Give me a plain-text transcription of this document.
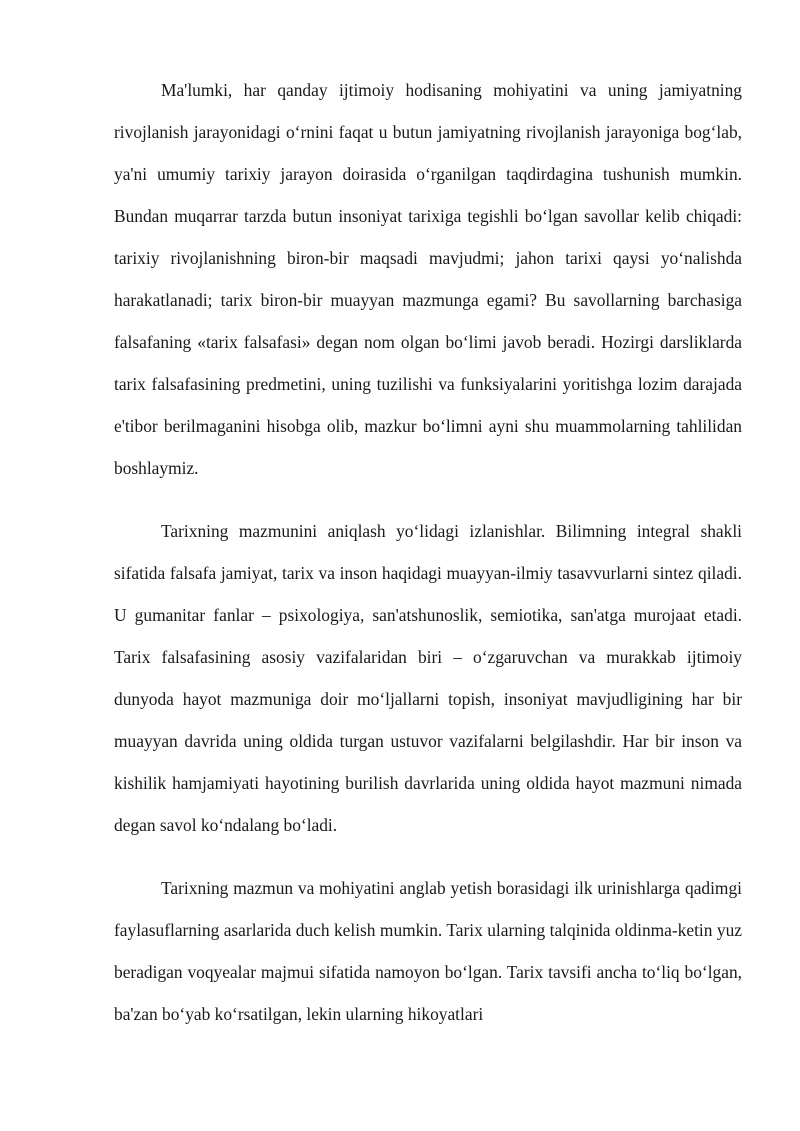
Ma'lumki, har qanday ijtimoiy hodisaning mohiyatini va uning jamiyatning rivojlanish jarayonidagi oʻrnini faqat u butun jamiyatning rivojlanish jarayoniga bogʻlab, ya'ni umumiy tarixiy jarayon doirasida oʻrganilgan taqdirdagina tushunish mumkin. Bundan muqarrar tarzda butun insoniyat tarixiga tegishli boʻlgan savollar kelib chiqadi: tarixiy rivojlanishning biron-bir maqsadi mavjudmi; jahon tarixi qaysi yoʻnalishda harakatlanadi; tarix biron-bir muayyan mazmunga egami? Bu savollarning barchasiga falsafaning «tarix falsafasi» degan nom olgan boʻlimi javob beradi. Hozirgi darsliklarda tarix falsafasining predmetini, uning tuzilishi va funksiyalarini yoritishga lozim darajada e'tibor berilmaganini hisobga olib, mazkur boʻlimni ayni shu muammolarning tahlilidan boshlaymiz.

Tarixning mazmunini aniqlash yoʻlidagi izlanishlar. Bilimning integral shakli sifatida falsafa jamiyat, tarix va inson haqidagi muayyan-ilmiy tasavvurlarni sintez qiladi. U gumanitar fanlar – psixologiya, san'atshunoslik, semiotika, san'atga murojaat etadi. Tarix falsafasining asosiy vazifalaridan biri – oʻzgaruvchan va murakkab ijtimoiy dunyoda hayot mazmuniga doir moʻljallarni topish, insoniyat mavjudligining har bir muayyan davrida uning oldida turgan ustuvor vazifalarni belgilashdir. Har bir inson va kishilik hamjamiyati hayotining burilish davrlarida uning oldida hayot mazmuni nimada degan savol koʻndalang boʻladi.

Tarixning mazmun va mohiyatini anglab yetish borasidagi ilk urinishlarga qadimgi faylasuflarning asarlarida duch kelish mumkin. Tarix ularning talqinida oldinma-ketin yuz beradigan voqyealar majmui sifatida namoyon boʻlgan. Tarix tavsifi ancha toʻliq boʻlgan, ba'zan boʻyab koʻrsatilgan, lekin ularning hikoyatlari
